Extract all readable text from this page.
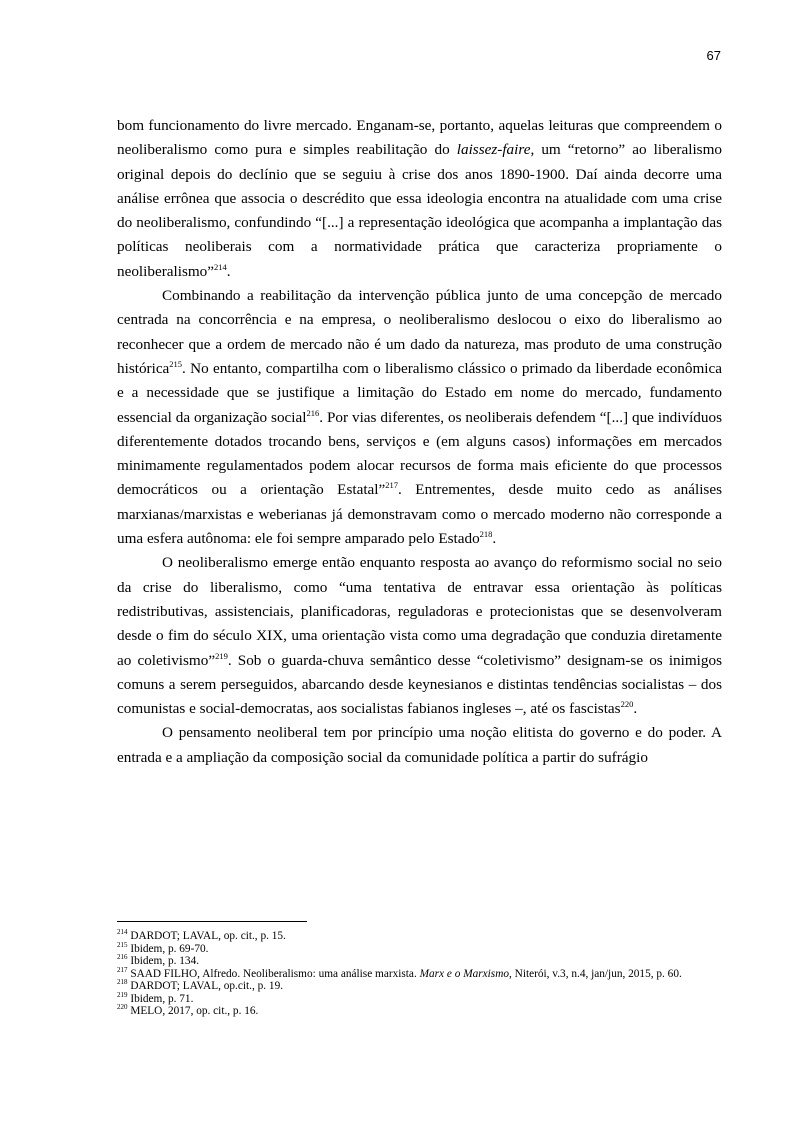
67

bom funcionamento do livre mercado. Enganam-se, portanto, aquelas leituras que compreendem o neoliberalismo como pura e simples reabilitação do laissez-faire, um “retorno” ao liberalismo original depois do declínio que se seguiu à crise dos anos 1890-1900. Daí ainda decorre uma análise errônea que associa o descrédito que essa ideologia encontra na atualidade com uma crise do neoliberalismo, confundindo “[...] a representação ideológica que acompanha a implantação das políticas neoliberais com a normatividade prática que caracteriza propriamente o neoliberalismo”$^{214}$.

Combinando a reabilitação da intervenção pública junto de uma concepção de mercado centrada na concorrência e na empresa, o neoliberalismo deslocou o eixo do liberalismo ao reconhecer que a ordem de mercado não é um dado da natureza, mas produto de uma construção histórica$^{215}$. No entanto, compartilha com o liberalismo clássico o primado da liberdade econômica e a necessidade que se justifique a limitação do Estado em nome do mercado, fundamento essencial da organização social$^{216}$. Por vias diferentes, os neoliberais defendem “[...] que indivíduos diferentemente dotados trocando bens, serviços e (em alguns casos) informações em mercados minimamente regulamentados podem alocar recursos de forma mais eficiente do que processos democráticos ou a orientação Estatal”$^{217}$. Entrementes, desde muito cedo as análises marxianas/marxistas e weberianas já demonstravam como o mercado moderno não corresponde a uma esfera autônoma: ele foi sempre amparado pelo Estado$^{218}$.

O neoliberalismo emerge então enquanto resposta ao avanço do reformismo social no seio da crise do liberalismo, como “uma tentativa de entravar essa orientação às políticas redistributivas, assistenciais, planificadoras, reguladoras e protecionistas que se desenvolveram desde o fim do século XIX, uma orientação vista como uma degradação que conduzia diretamente ao coletivismo”$^{219}$. Sob o guarda-chuva semântico desse “coletivismo” designam-se os inimigos comuns a serem perseguidos, abarcando desde keynesianos e distintas tendências socialistas – dos comunistas e social-democratas, aos socialistas fabianos ingleses –, até os fascistas$^{220}$.

O pensamento neoliberal tem por princípio uma noção elitista do governo e do poder. A entrada e a ampliação da composição social da comunidade política a partir do sufrágio

$^{214}$ DARDOT; LAVAL, op. cit., p. 15.
$^{215}$ Ibidem, p. 69-70.
$^{216}$ Ibidem, p. 134.
$^{217}$ SAAD FILHO, Alfredo. Neoliberalismo: uma análise marxista. Marx e o Marxismo, Niterói, v.3, n.4, jan/jun, 2015, p. 60.
$^{218}$ DARDOT; LAVAL, op.cit., p. 19.
$^{219}$ Ibidem, p. 71.
$^{220}$ MELO, 2017, op. cit., p. 16.
